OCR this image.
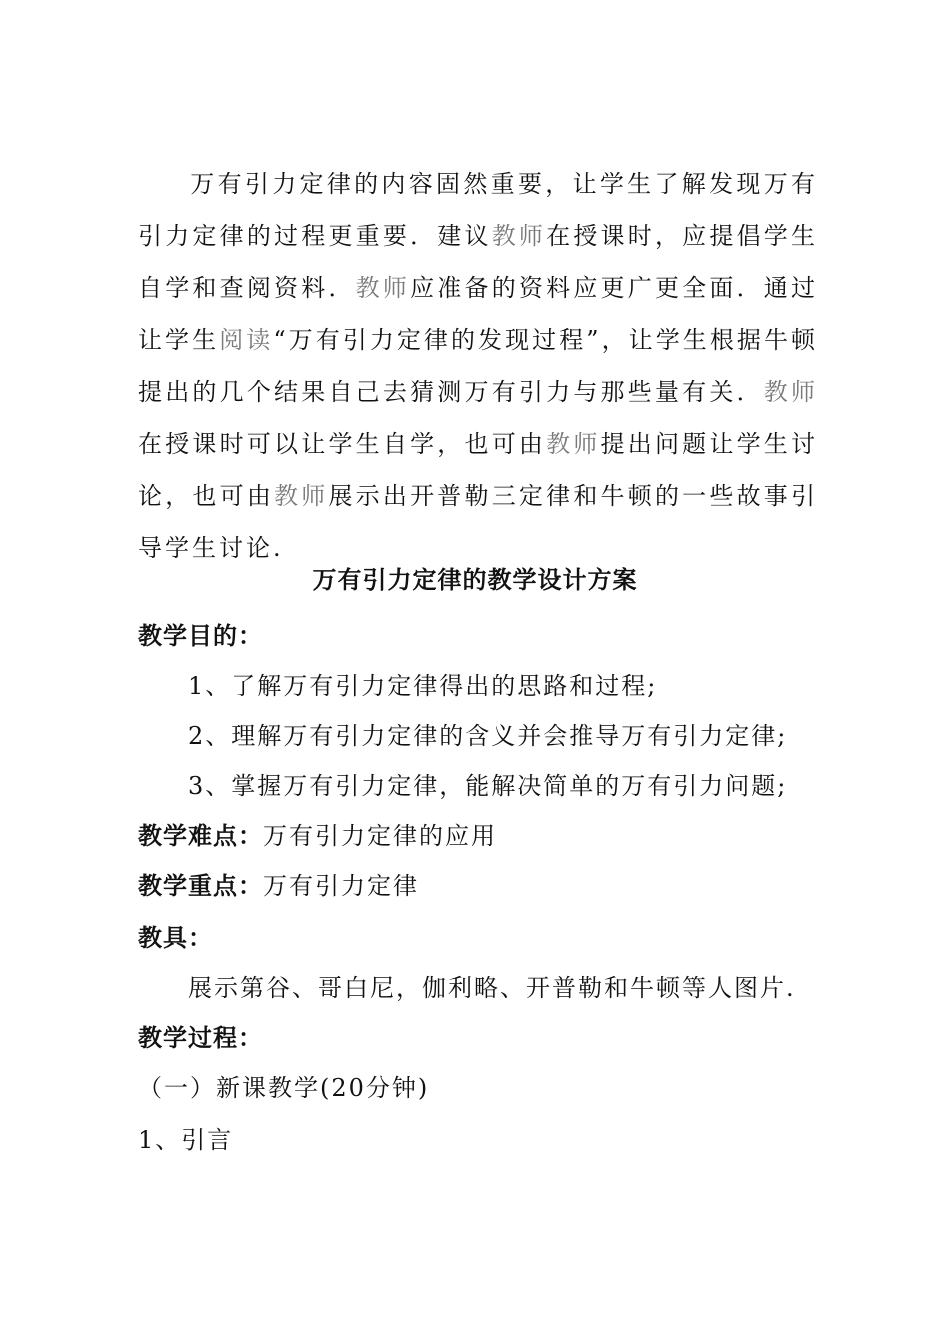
万有引力定律的内容固然重要，让学生了解发现万有引力定律的过程更重要．建议教师在授课时，应提倡学生自学和查阅资料．教师应准备的资料应更广更全面．通过让学生阅读“万有引力定律的发现过程”，让学生根据牛顿提出的几个结果自己去猜测万有引力与那些量有关．教师在授课时可以让学生自学，也可由教师提出问题让学生讨论，也可由教师展示出开普勒三定律和牛顿的一些故事引导学生讨论.

万有引力定律的教学设计方案

教学目的：

1、了解万有引力定律得出的思路和过程;

2、理解万有引力定律的含义并会推导万有引力定律;

3、掌握万有引力定律，能解决简单的万有引力问题;

教学难点：万有引力定律的应用

教学重点：万有引力定律

教具：

展示第谷、哥白尼，伽利略、开普勒和牛顿等人图片.

教学过程：

（一）新课教学(20分钟)

1、引言
